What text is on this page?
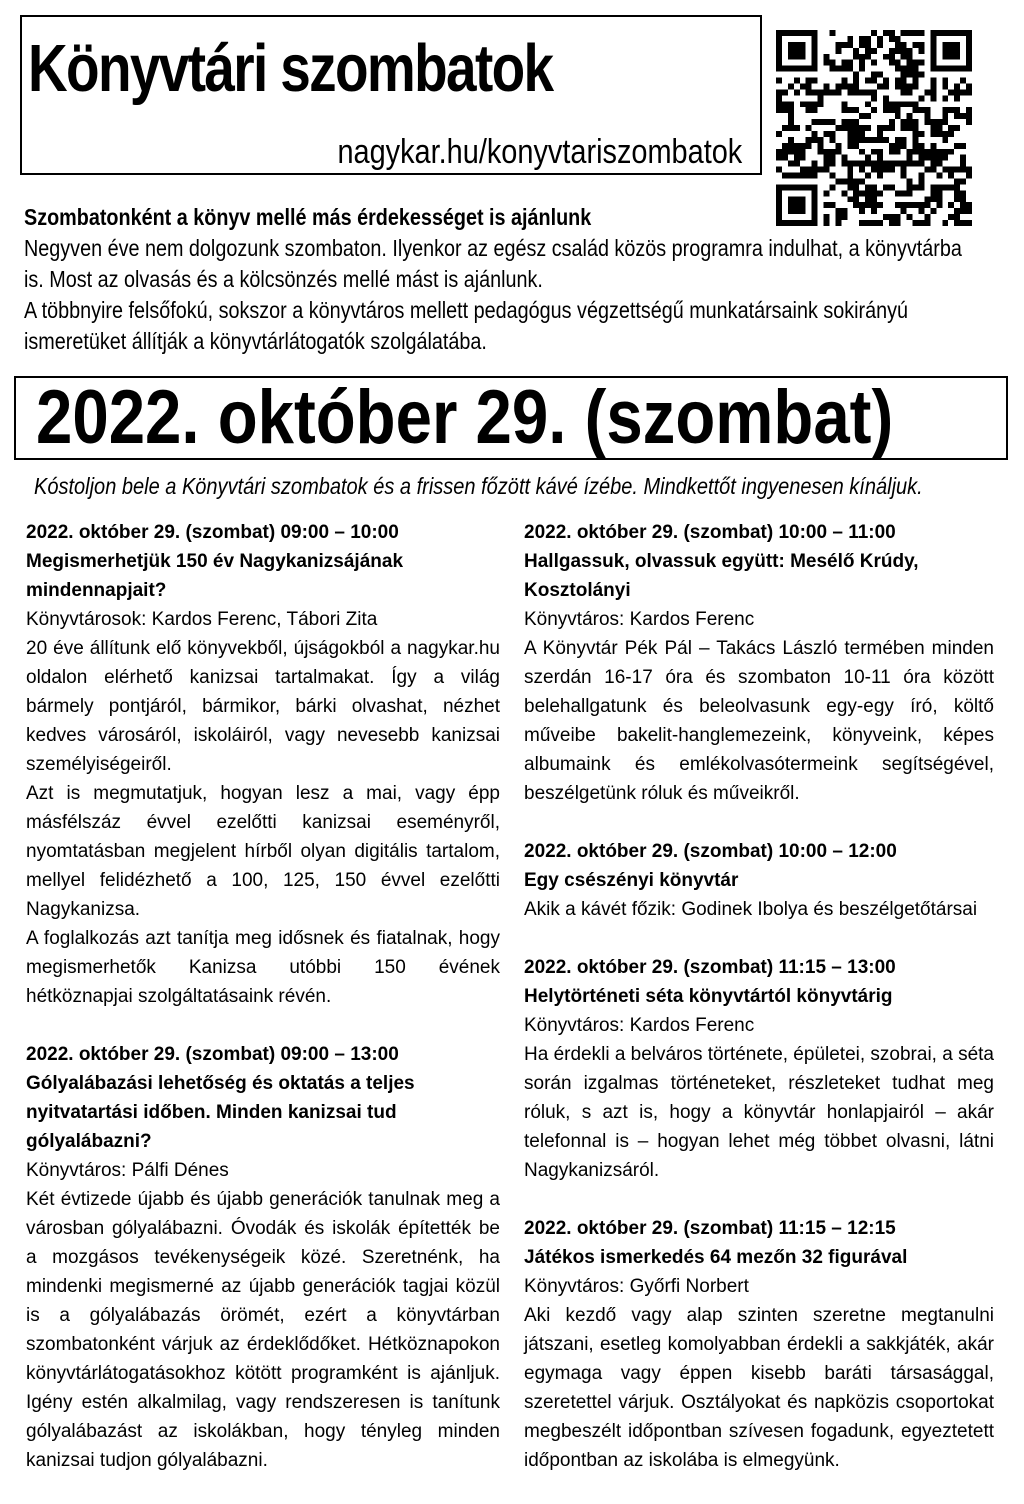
Könyvtári szombatok
nagykar.hu/konyvtariszombatok

Szombatonként a könyv mellé más érdekességet is ajánlunk

Negyven éve nem dolgozunk szombaton. Ilyenkor az egész család közös programra indulhat, a könyvtárba is. Most az olvasás és a kölcsönzés mellé mást is ajánlunk.

A többnyire felsőfokú, sokszor a könyvtáros mellett pedagógus végzettségű munkatársaink sokirányú ismeretüket állítják a könyvtárlátogatók szolgálatába.

2022. október 29. (szombat)

Kóstoljon bele a Könyvtári szombatok és a frissen főzött kávé ízébe. Mindkettőt ingyenesen kínáljuk.

2022. október 29. (szombat) 09:00 – 10:00

Megismerhetjük 150 év Nagykanizsájának mindennapjait?

Könyvtárosok: Kardos Ferenc, Tábori Zita

20 éve állítunk elő könyvekből, újságokból a nagykar.hu oldalon elérhető kanizsai tartalmakat. Így a világ bármely pontjáról, bármikor, bárki olvashat, nézhet kedves városáról, iskoláiról, vagy nevesebb kanizsai személyiségeiről.

Azt is megmutatjuk, hogyan lesz a mai, vagy épp másfélszáz évvel ezelőtti kanizsai eseményről, nyomtatásban megjelent hírből olyan digitális tartalom, mellyel felidézhető a 100, 125, 150 évvel ezelőtti Nagykanizsa.

A foglalkozás azt tanítja meg idősnek és fiatalnak, hogy megismerhetők Kanizsa utóbbi 150 évének hétköznapjai szolgáltatásaink révén.

2022. október 29. (szombat) 09:00 – 13:00

Gólyalábazási lehetőség és oktatás a teljes nyitvatartási időben. Minden kanizsai tud gólyalábazni?

Könyvtáros: Pálfi Dénes

Két évtizede újabb és újabb generációk tanulnak meg a városban gólyalábazni. Óvodák és iskolák építették be a mozgásos tevékenységeik közé. Szeretnénk, ha mindenki megismerné az újabb generációk tagjai közül is a gólyalábazás örömét, ezért a könyvtárban szombatonként várjuk az érdeklődőket. Hétköznapokon könyvtárlátogatásokhoz kötött programként is ajánljuk. Igény estén alkalmilag, vagy rendszeresen is tanítunk gólyalábazást az iskolákban, hogy tényleg minden kanizsai tudjon gólyalábazni.

2022. október 29. (szombat) 10:00 – 11:00

Hallgassuk, olvassuk együtt: Mesélő Krúdy, Kosztolányi

Könyvtáros: Kardos Ferenc

A Könyvtár Pék Pál – Takács László termében minden szerdán 16-17 óra és szombaton 10-11 óra között belehallgatunk és beleolvasunk egy-egy író, költő műveibe bakelit-hanglemezeink, könyveink, képes albumaink és emlékolvasótermeink segítségével, beszélgetünk róluk és műveikről.

2022. október 29. (szombat) 10:00 – 12:00

Egy csészényi könyvtár

Akik a kávét főzik: Godinek Ibolya és beszélgetőtársai

2022. október 29. (szombat) 11:15 – 13:00

Helytörténeti séta könyvtártól könyvtárig

Könyvtáros: Kardos Ferenc

Ha érdekli a belváros története, épületei, szobrai, a séta során izgalmas történeteket, részleteket tudhat meg róluk, s azt is, hogy a könyvtár honlapjairól – akár telefonnal is – hogyan lehet még többet olvasni, látni Nagykanizsáról.

2022. október 29. (szombat) 11:15 – 12:15

Játékos ismerkedés 64 mezőn 32 figurával

Könyvtáros: Győrfi Norbert

Aki kezdő vagy alap szinten szeretne megtanulni játszani, esetleg komolyabban érdekli a sakkjáték, akár egymaga vagy éppen kisebb baráti társasággal, szeretettel várjuk. Osztályokat és napközis csoportokat megbeszélt időpontban szívesen fogadunk, egyeztetett időpontban az iskolába is elmegyünk.
